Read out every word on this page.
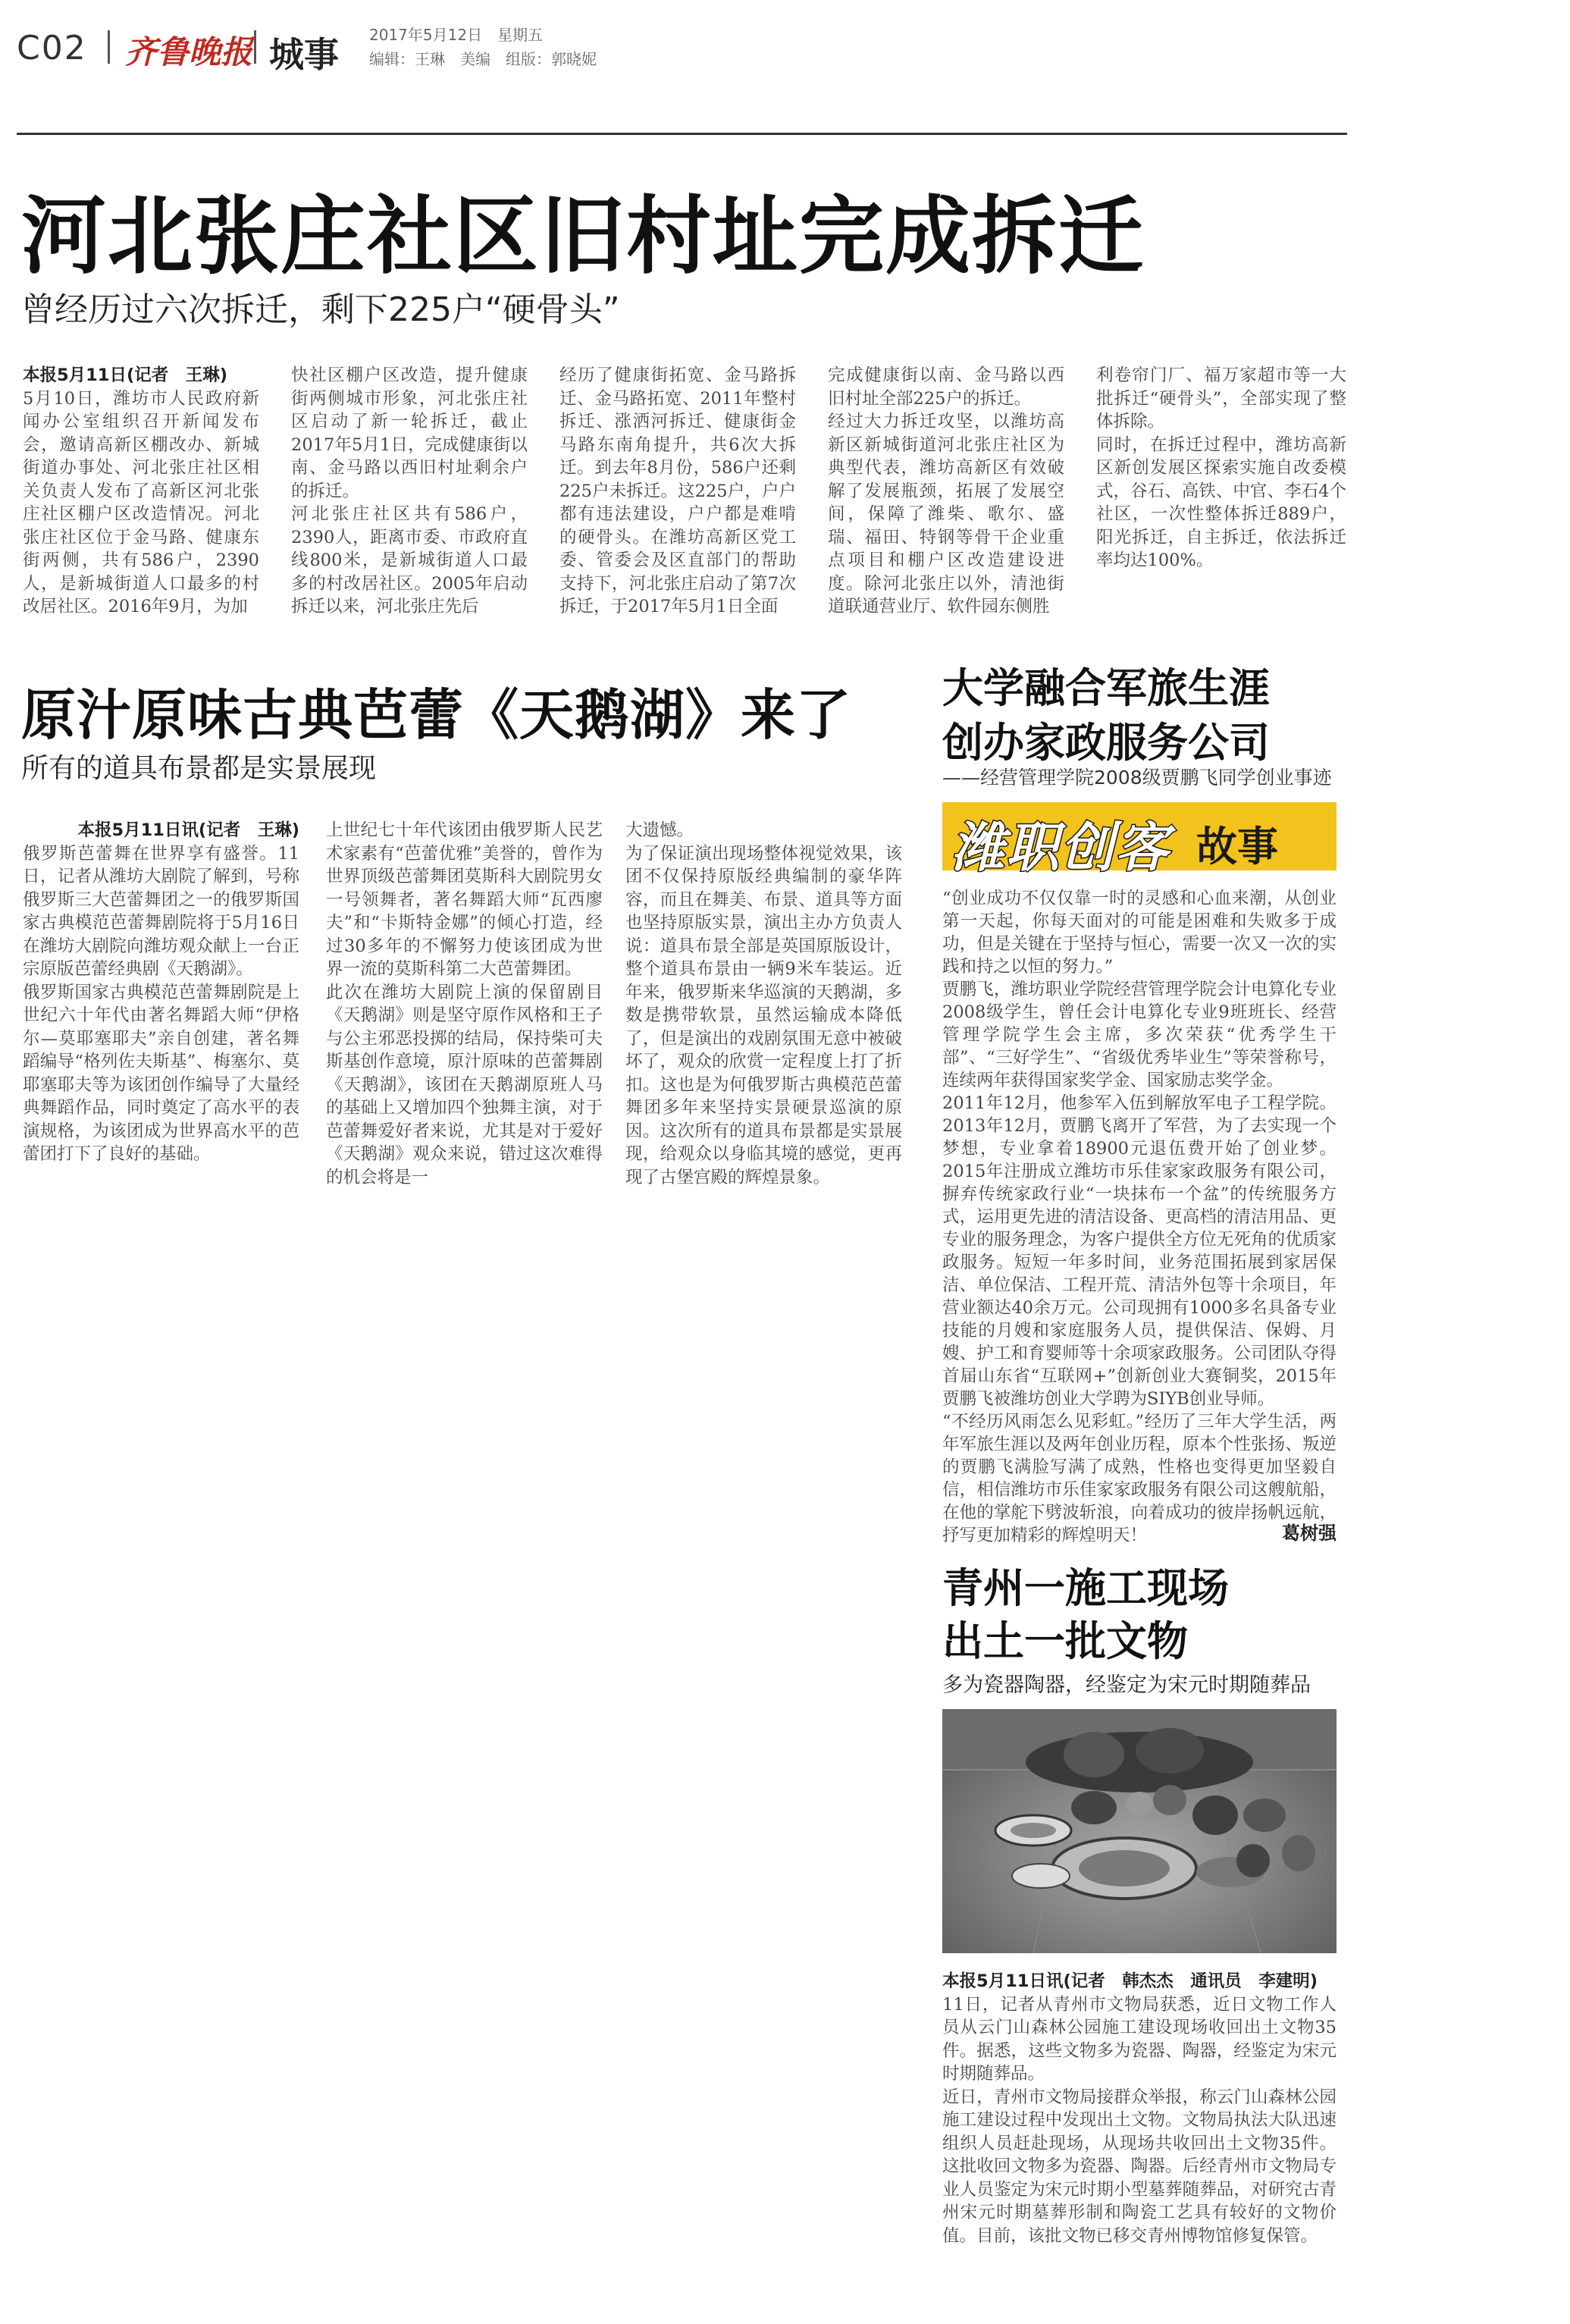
C02 齐鲁晚报 城事 2017年5月12日　星期五
编辑：王琳　美编　组版：郭晓妮
河北张庄社区旧村址完成拆迁
曾经历过六次拆迁，剩下225户“硬骨头”

本报5月11日(记者　王琳)

5月10日，潍坊市人民政府新闻办公室组织召开新闻发布会，邀请高新区棚改办、新城街道办事处、河北张庄社区相关负责人发布了高新区河北张庄社区棚户区改造情况。河北张庄社区位于金马路、健康东街两侧，共有586户，2390人，是新城街道人口最多的村改居社区。2016年9月，为加

快社区棚户区改造，提升健康街两侧城市形象，河北张庄社区启动了新一轮拆迁，截止2017年5月1日，完成健康街以南、金马路以西旧村址剩余户的拆迁。
河北张庄社区共有586户，2390人，距离市委、市政府直线800米，是新城街道人口最多的村改居社区。2005年启动拆迁以来，河北张庄先后
经历了健康街拓宽、金马路拆迁、金马路拓宽、2011年整村拆迁、涨洒河拆迁、健康街金马路东南角提升，共6次大拆迁。到去年8月份，586户还剩225户未拆迁。这225户，户户都有违法建设，户户都是难啃的硬骨头。在潍坊高新区党工委、管委会及区直部门的帮助支持下，河北张庄启动了第7次拆迁，于2017年5月1日全面
完成健康街以南、金马路以西旧村址全部225户的拆迁。
经过大力拆迁攻坚，以潍坊高新区新城街道河北张庄社区为典型代表，潍坊高新区有效破解了发展瓶颈，拓展了发展空间，保障了潍柴、歌尔、盛瑞、福田、特钢等骨干企业重点项目和棚户区改造建设进度。除河北张庄以外，清池街道联通营业厅、软件园东侧胜
利卷帘门厂、福万家超市等一大批拆迁“硬骨头”，全部实现了整体拆除。
同时，在拆迁过程中，潍坊高新区新创发展区探索实施自改委模式，谷石、高铁、中官、李石4个社区，一次性整体拆迁889户，阳光拆迁，自主拆迁，依法拆迁率均达100%。
原汁原味古典芭蕾《天鹅湖》来了
所有的道具布景都是实景展现

本报5月11日讯(记者　王琳)

俄罗斯芭蕾舞在世界享有盛誉。11日，记者从潍坊大剧院了解到，号称俄罗斯三大芭蕾舞团之一的俄罗斯国家古典模范芭蕾舞剧院将于5月16日在潍坊大剧院向潍坊观众献上一台正宗原版芭蕾经典剧《天鹅湖》。
俄罗斯国家古典模范芭蕾舞剧院是上世纪六十年代由著名舞蹈大师“伊格尔—莫耶塞耶夫”亲自创建，著名舞蹈编导“格列佐夫斯基”、梅塞尔、莫耶塞耶夫等为该团创作编导了大量经典舞蹈作品，同时奠定了高水平的表演规格，为该团成为世界高水平的芭蕾团打下了良好的基础。

上世纪七十年代该团由俄罗斯人民艺术家素有“芭蕾优雅”美誉的，曾作为世界顶级芭蕾舞团莫斯科大剧院男女一号领舞者，著名舞蹈大师“瓦西廖夫”和“卡斯特金娜”的倾心打造，经过30多年的不懈努力使该团成为世界一流的莫斯科第二大芭蕾舞团。
此次在潍坊大剧院上演的保留剧目《天鹅湖》则是坚守原作风格和王子与公主邪恶投掷的结局，保持柴可夫斯基创作意境，原汁原味的芭蕾舞剧《天鹅湖》，该团在天鹅湖原班人马的基础上又增加四个独舞主演，对于芭蕾舞爱好者来说，尤其是对于爱好《天鹅湖》观众来说，错过这次难得的机会将是一
大遗憾。
为了保证演出现场整体视觉效果，该团不仅保持原版经典编制的豪华阵容，而且在舞美、布景、道具等方面也坚持原版实景，演出主办方负责人说：道具布景全部是英国原版设计，整个道具布景由一辆9米车装运。近年来，俄罗斯来华巡演的天鹅湖，多数是携带软景，虽然运输成本降低了，但是演出的戏剧氛围无意中被破坏了，观众的欣赏一定程度上打了折扣。这也是为何俄罗斯古典模范芭蕾舞团多年来坚持实景硬景巡演的原因。这次所有的道具布景都是实景展现，给观众以身临其境的感觉，更再现了古堡宫殿的辉煌景象。
大学融合军旅生涯
创办家政服务公司
——经营管理学院2008级贾鹏飞同学创业事迹
潍职创客 故事
“创业成功不仅仅靠一时的灵感和心血来潮，从创业第一天起，你每天面对的可能是困难和失败多于成功，但是关键在于坚持与恒心，需要一次又一次的实践和持之以恒的努力。”
贾鹏飞，潍坊职业学院经营管理学院会计电算化专业2008级学生，曾任会计电算化专业9班班长、经营管理学院学生会主席，多次荣获“优秀学生干部”、“三好学生”、“省级优秀毕业生”等荣誉称号，连续两年获得国家奖学金、国家励志奖学金。
2011年12月，他参军入伍到解放军电子工程学院。2013年12月，贾鹏飞离开了军营，为了去实现一个梦想，专业拿着18900元退伍费开始了创业梦。2015年注册成立潍坊市乐佳家家政服务有限公司，摒弃传统家政行业“一块抹布一个盆”的传统服务方式，运用更先进的清洁设备、更高档的清洁用品、更专业的服务理念，为客户提供全方位无死角的优质家政服务。短短一年多时间，业务范围拓展到家居保洁、单位保洁、工程开荒、清洁外包等十余项目，年营业额达40余万元。公司现拥有1000多名具备专业技能的月嫂和家庭服务人员，提供保洁、保姆、月嫂、护工和育婴师等十余项家政服务。公司团队夺得首届山东省“互联网+”创新创业大赛铜奖，2015年贾鹏飞被潍坊创业大学聘为SIYB创业导师。
“不经历风雨怎么见彩虹。”经历了三年大学生活，两年军旅生涯以及两年创业历程，原本个性张扬、叛逆的贾鹏飞满脸写满了成熟，性格也变得更加坚毅自信，相信潍坊市乐佳家家政服务有限公司这艘航船，在他的掌舵下劈波斩浪，向着成功的彼岸扬帆远航，抒写更加精彩的辉煌明天！	葛树强
青州一施工现场
出土一批文物
多为瓷器陶器，经鉴定为宋元时期随葬品

本报5月11日讯(记者　韩杰杰　通讯员　李建明)

11日，记者从青州市文物局获悉，近日文物工作人员从云门山森林公园施工建设现场收回出土文物35件。据悉，这些文物多为瓷器、陶器，经鉴定为宋元时期随葬品。
近日，青州市文物局接群众举报，称云门山森林公园施工建设过程中发现出土文物。文物局执法大队迅速组织人员赶赴现场，从现场共收回出土文物35件。这批收回文物多为瓷器、陶器。后经青州市文物局专业人员鉴定为宋元时期小型墓葬随葬品，对研究古青州宋元时期墓葬形制和陶瓷工艺具有较好的文物价值。目前，该批文物已移交青州博物馆修复保管。
